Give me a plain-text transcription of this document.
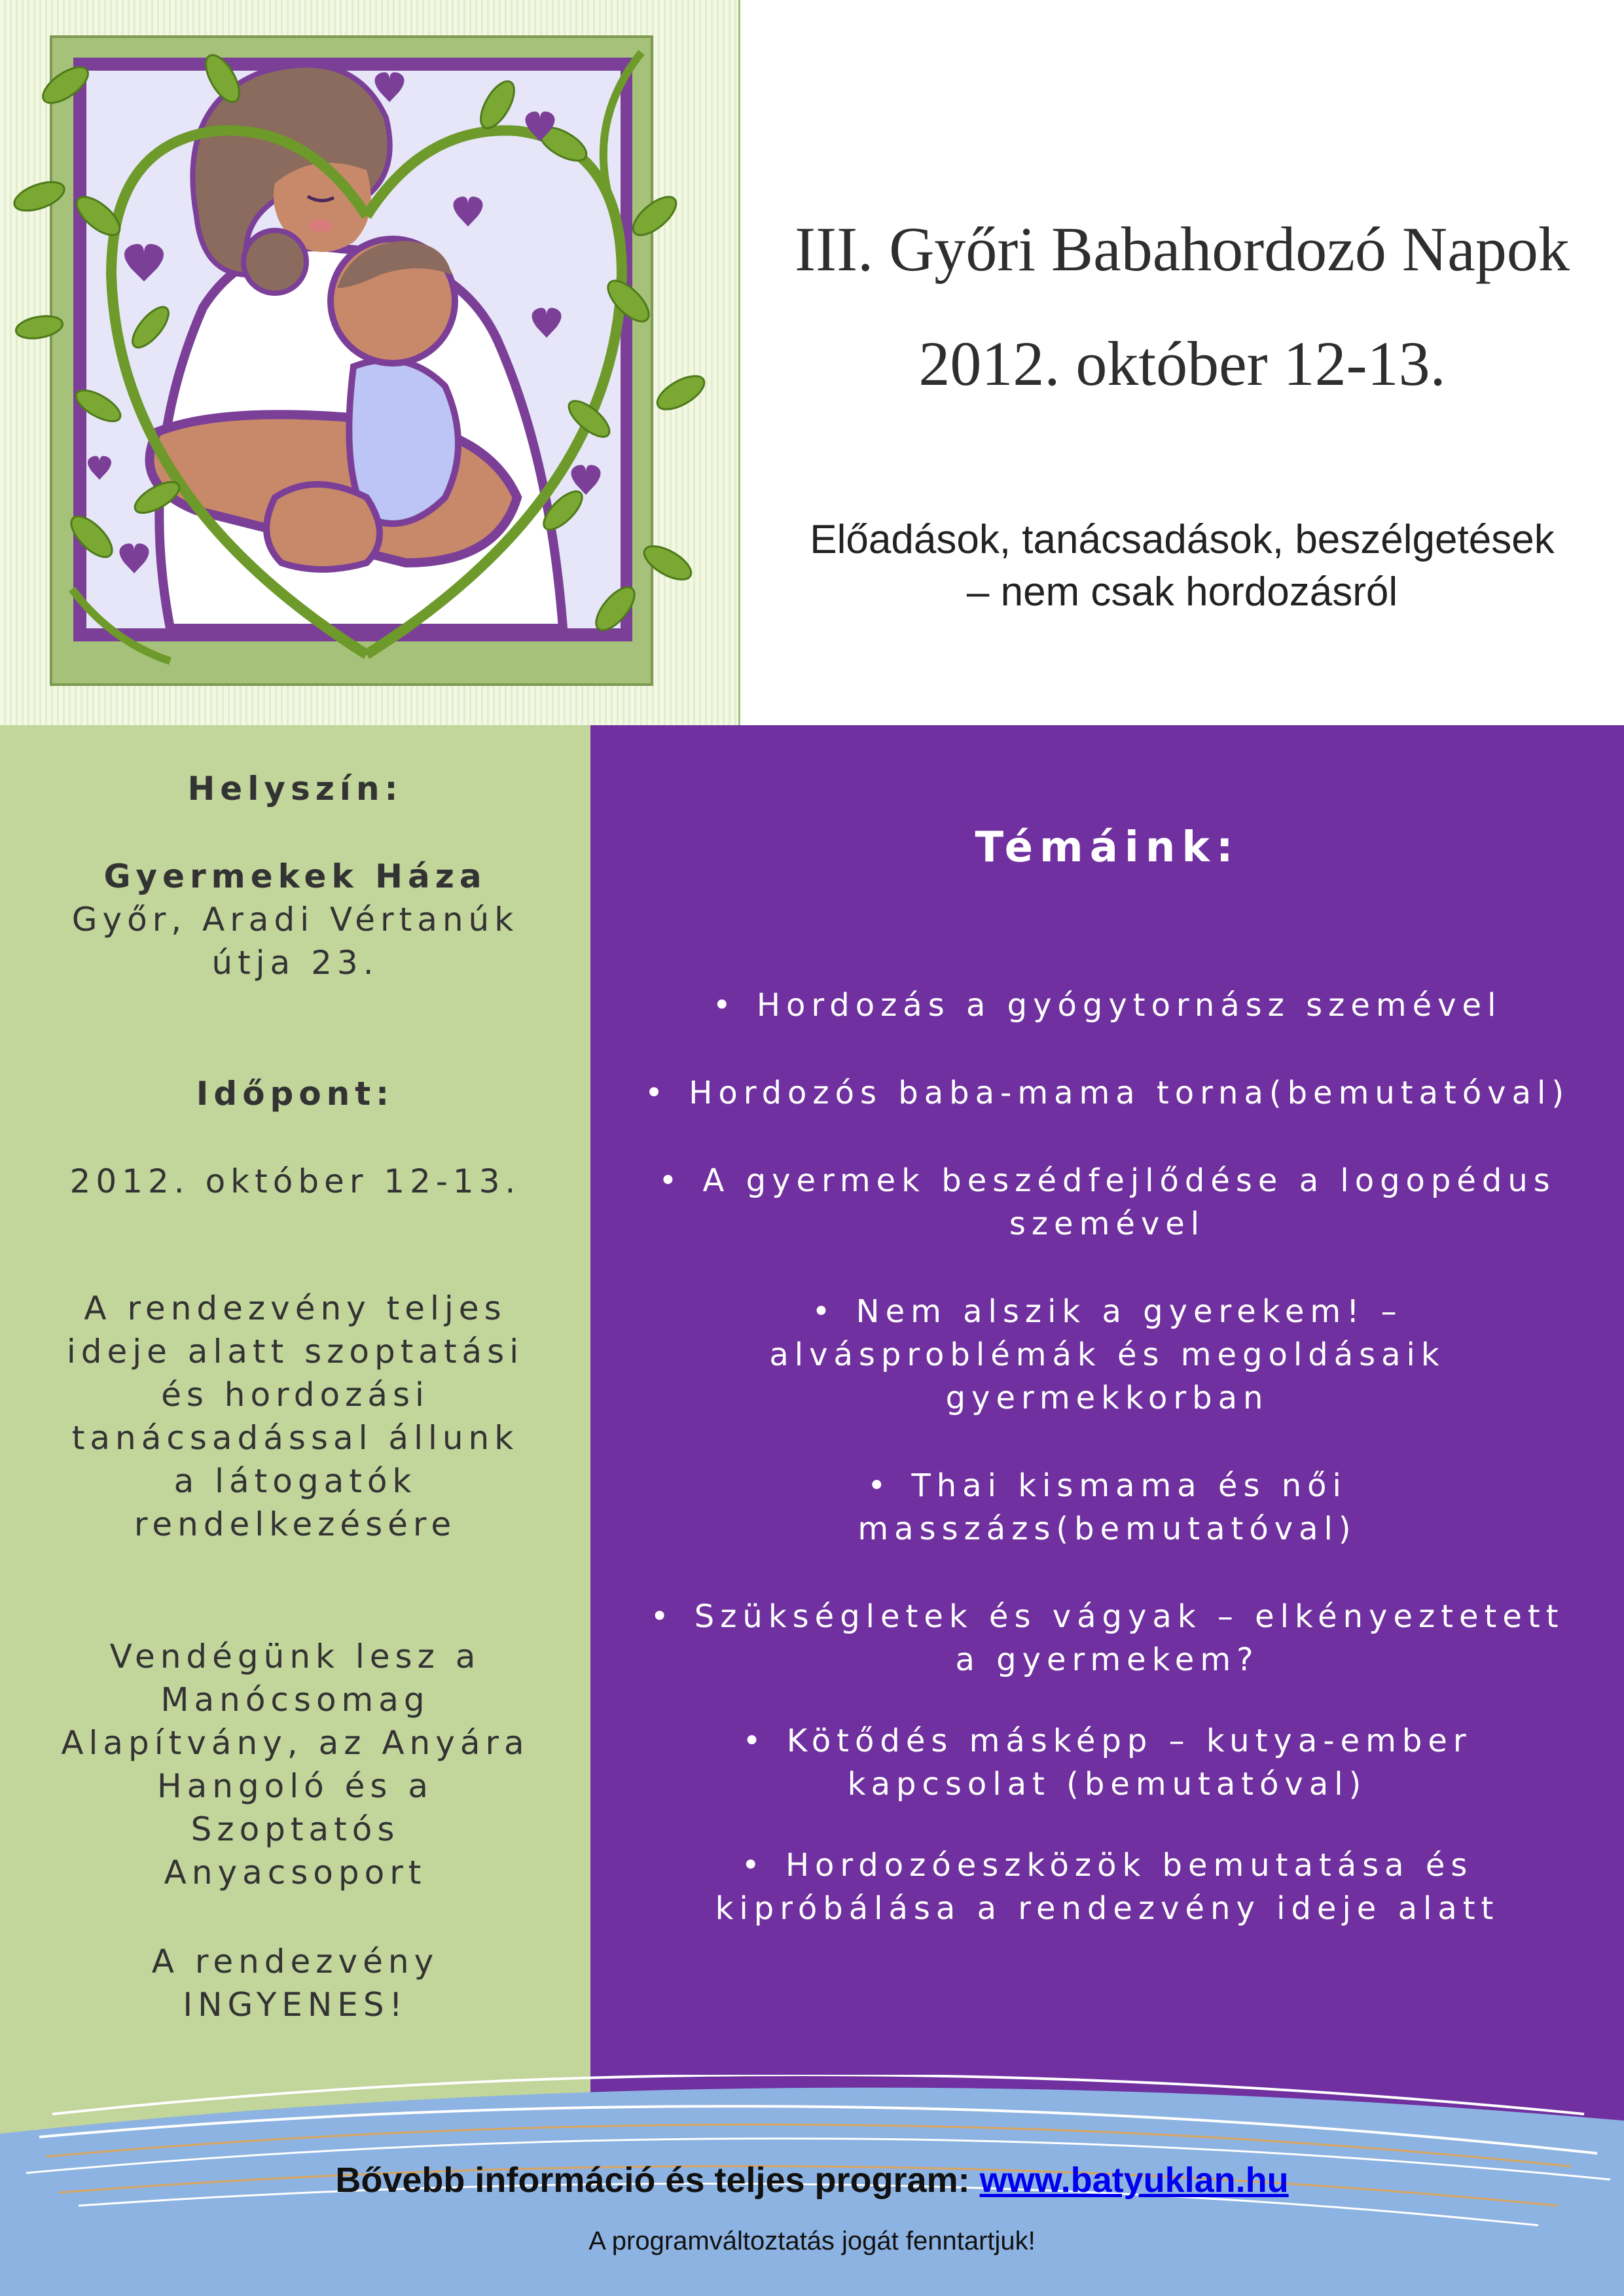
III. Győri Babahordozó Napok
2012. október 12-13.
Előadások, tanácsadások, beszélgetések
– nem csak hordozásról
Helyszín:
Gyermekek Háza
Győr, Aradi Vértanúk
útja 23.
Időpont:
2012. október 12-13.
A rendezvény teljes
ideje alatt szoptatási
és hordozási
tanácsadással állunk
a látogatók
rendelkezésére
Vendégünk lesz a
Manócsomag
Alapítvány, az Anyára
Hangoló és a
Szoptatós
Anyacsoport
A rendezvény
INGYENES!
Témáink:
• Hordozás a gyógytornász szemével
• Hordozós baba-mama torna(bemutatóval)
• A gyermek beszédfejlődése a logopédus
szemével
• Nem alszik a gyerekem! –
alvásproblémák és megoldásaik
gyermekkorban
• Thai kismama és női
masszázs(bemutatóval)
• Szükségletek és vágyak – elkényeztetett
a gyermekem?
• Kötődés másképp – kutya-ember
kapcsolat (bemutatóval)
• Hordozóeszközök bemutatása és
kipróbálása a rendezvény ideje alatt
Bővebb információ és teljes program: www.batyuklan.hu
A programváltoztatás jogát fenntartjuk!
